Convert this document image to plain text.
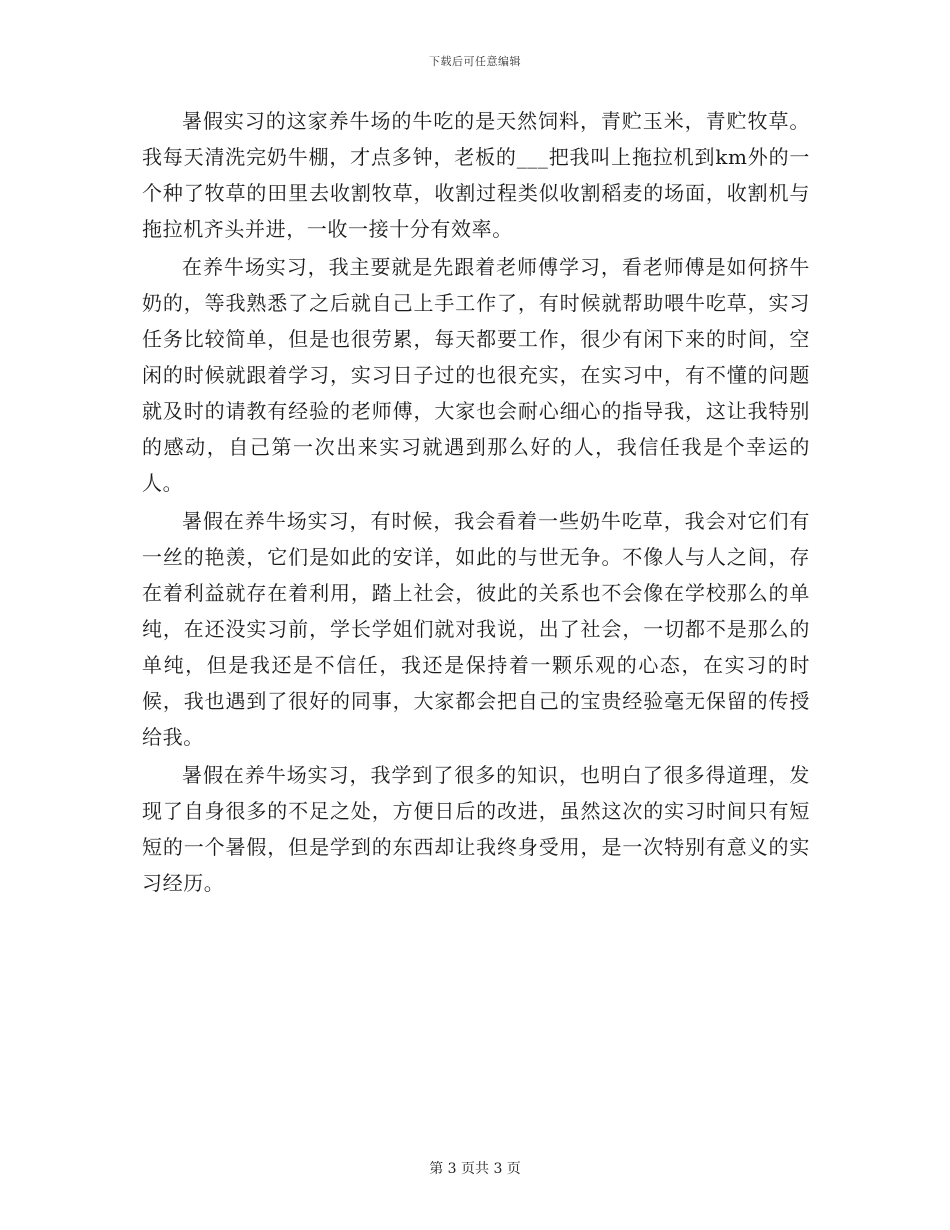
下载后可任意编辑

暑假实习的这家养牛场的牛吃的是天然饲料，青贮玉米，青贮牧草。我每天清洗完奶牛棚，才点多钟，老板的___把我叫上拖拉机到km外的一个种了牧草的田里去收割牧草，收割过程类似收割稻麦的场面，收割机与拖拉机齐头并进，一收一接十分有效率。

在养牛场实习，我主要就是先跟着老师傅学习，看老师傅是如何挤牛奶的，等我熟悉了之后就自己上手工作了，有时候就帮助喂牛吃草，实习任务比较简单，但是也很劳累，每天都要工作，很少有闲下来的时间，空闲的时候就跟着学习，实习日子过的也很充实，在实习中，有不懂的问题就及时的请教有经验的老师傅，大家也会耐心细心的指导我，这让我特别的感动，自己第一次出来实习就遇到那么好的人，我信任我是个幸运的人。

暑假在养牛场实习，有时候，我会看着一些奶牛吃草，我会对它们有一丝的艳羡，它们是如此的安详，如此的与世无争。不像人与人之间，存在着利益就存在着利用，踏上社会，彼此的关系也不会像在学校那么的单纯，在还没实习前，学长学姐们就对我说，出了社会，一切都不是那么的单纯，但是我还是不信任，我还是保持着一颗乐观的心态，在实习的时候，我也遇到了很好的同事，大家都会把自己的宝贵经验毫无保留的传授给我。

暑假在养牛场实习，我学到了很多的知识，也明白了很多得道理，发现了自身很多的不足之处，方便日后的改进，虽然这次的实习时间只有短短的一个暑假，但是学到的东西却让我终身受用，是一次特别有意义的实习经历。

第 3 页共 3 页
